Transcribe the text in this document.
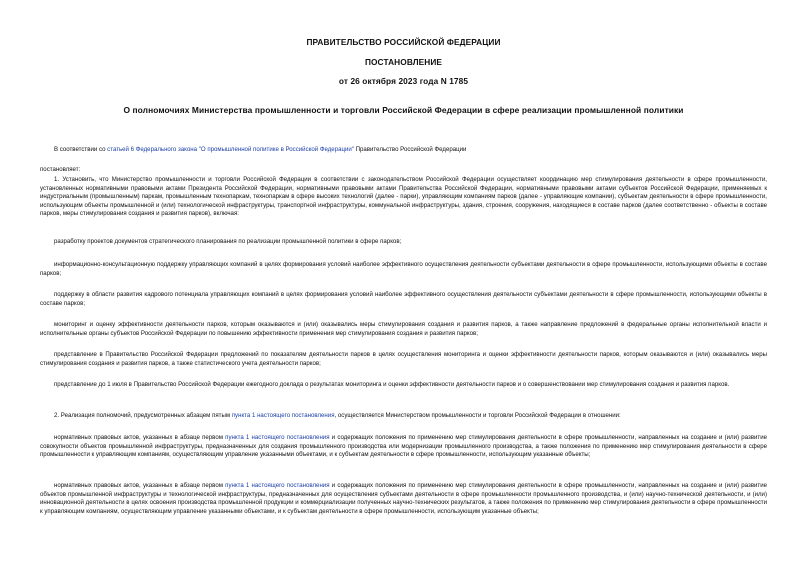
ПРАВИТЕЛЬСТВО РОССИЙСКОЙ ФЕДЕРАЦИИ
ПОСТАНОВЛЕНИЕ
от 26 октября 2023 года N 1785
О полномочиях Министерства промышленности и торговли Российской Федерации в сфере реализации промышленной политики

В соответствии со статьей 6 Федерального закона "О промышленной политике в Российской Федерации" Правительство Российской Федерации

постановляет:

1. Установить, что Министерство промышленности и торговли Российской Федерации в соответствии с законодательством Российской Федерации осуществляет координацию мер стимулирования деятельности в сфере промышленности, установленных нормативными правовыми актами Президента Российской Федерации, нормативными правовыми актами Правительства Российской Федерации, нормативными правовыми актами субъектов Российской Федерации, применяемых к индустриальным (промышленным) паркам, промышленным технопаркам, технопаркам в сфере высоких технологий (далее - парки), управляющим компаниям парков (далее - управляющие компании), субъектам деятельности в сфере промышленности, использующим объекты промышленной и (или) технологической инфраструктуры, транспортной инфраструктуры, коммунальной инфраструктуры, здания, строения, сооружения, находящиеся в составе парков (далее соответственно - объекты в составе парков, меры стимулирования создания и развития парков), включая:

разработку проектов документов стратегического планирования по реализации промышленной политики в сфере парков;

информационно-консультационную поддержку управляющих компаний в целях формирования условий наиболее эффективного осуществления деятельности субъектами деятельности в сфере промышленности, использующими объекты в составе парков;

поддержку в области развития кадрового потенциала управляющих компаний в целях формирования условий наиболее эффективного осуществления деятельности субъектами деятельности в сфере промышленности, использующими объекты в составе парков;

мониторинг и оценку эффективности деятельности парков, которым оказываются и (или) оказывались меры стимулирования создания и развития парков, а также направление предложений в федеральные органы исполнительной власти и исполнительные органы субъектов Российской Федерации по повышению эффективности применения мер стимулирования создания и развития парков;

представление в Правительство Российской Федерации предложений по показателям деятельности парков в целях осуществления мониторинга и оценки эффективности деятельности парков, которым оказываются и (или) оказывались меры стимулирования создания и развития парков, а также статистического учета деятельности парков;

представление до 1 июля в Правительство Российской Федерации ежегодного доклада о результатах мониторинга и оценки эффективности деятельности парков и о совершенствовании мер стимулирования создания и развития парков.

2. Реализация полномочий, предусмотренных абзацем пятым пункта 1 настоящего постановления, осуществляется Министерством промышленности и торговли Российской Федерации в отношении:

нормативных правовых актов, указанных в абзаце первом пункта 1 настоящего постановления и содержащих положения по применению мер стимулирования деятельности в сфере промышленности, направленных на создание и (или) развитие совокупности объектов промышленной инфраструктуры, предназначенных для создания промышленного производства или модернизации промышленного производства, а также положения по применению мер стимулирования деятельности в сфере промышленности к управляющим компаниям, осуществляющим управление указанными объектами, и к субъектам деятельности в сфере промышленности, использующим указанные объекты;

нормативных правовых актов, указанных в абзаце первом пункта 1 настоящего постановления и содержащих положения по применению мер стимулирования деятельности в сфере промышленности, направленных на создание и (или) развитие объектов промышленной инфраструктуры и технологической инфраструктуры, предназначенных для осуществления субъектами деятельности в сфере промышленности промышленного производства, и (или) научно-технической деятельности, и (или) инновационной деятельности в целях освоения производства промышленной продукции и коммерциализации полученных научно-технических результатов, а также положения по применению мер стимулирования деятельности в сфере промышленности к управляющим компаниям, осуществляющим управление указанными объектами, и к субъектам деятельности в сфере промышленности, использующим указанные объекты;
